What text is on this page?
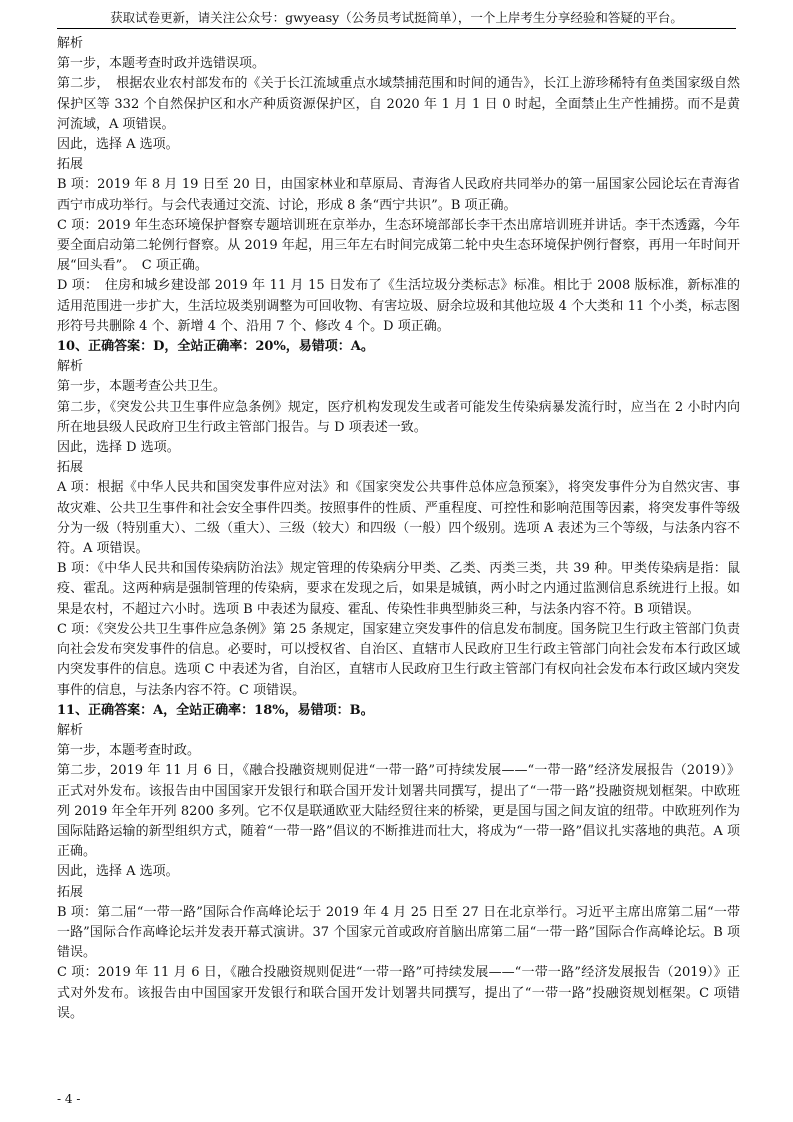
获取试卷更新，请关注公众号：gwyeasy（公务员考试挺简单），一个上岸考生分享经验和答疑的平台。

解析

第一步，本题考查时政并选错误项。

第二步，　根据农业农村部发布的《关于长江流域重点水域禁捕范围和时间的通告》，长江上游珍稀特有鱼类国家级自然保护区等 332 个自然保护区和水产种质资源保护区，自 2020 年 1 月 1 日 0 时起，全面禁止生产性捕捞。而不是黄河流域，A 项错误。

因此，选择 A 选项。

拓展

B 项：2019 年 8 月 19 日至 20 日，由国家林业和草原局、青海省人民政府共同举办的第一届国家公园论坛在青海省西宁市成功举行。与会代表通过交流、讨论，形成 8 条“西宁共识”。B 项正确。

C 项：2019 年生态环境保护督察专题培训班在京举办，生态环境部部长李干杰出席培训班并讲话。李干杰透露，今年要全面启动第二轮例行督察。从 2019 年起，用三年左右时间完成第二轮中央生态环境保护例行督察，再用一年时间开展“回头看”。　C 项正确。

D 项：　住房和城乡建设部 2019 年 11 月 15 日发布了《生活垃圾分类标志》标准。相比于 2008 版标准，新标准的适用范围进一步扩大，生活垃圾类别调整为可回收物、有害垃圾、厨余垃圾和其他垃圾 4 个大类和 11 个小类，标志图形符号共删除 4 个、新增 4 个、沿用 7 个、修改 4 个。D 项正确。

10、正确答案：D，全站正确率：20%，易错项：A。

解析

第一步，本题考查公共卫生。

第二步，《突发公共卫生事件应急条例》规定，医疗机构发现发生或者可能发生传染病暴发流行时，应当在 2 小时内向所在地县级人民政府卫生行政主管部门报告。与 D 项表述一致。

因此，选择 D 选项。

拓展

A 项：根据《中华人民共和国突发事件应对法》和《国家突发公共事件总体应急预案》，将突发事件分为自然灾害、事故灾难、公共卫生事件和社会安全事件四类。按照事件的性质、严重程度、可控性和影响范围等因素，将突发事件等级分为一级（特别重大）、二级（重大）、三级（较大）和四级（一般）四个级别。选项 A 表述为三个等级，与法条内容不符。A 项错误。

B 项：《中华人民共和国传染病防治法》规定管理的传染病分甲类、乙类、丙类三类，共 39 种。甲类传染病是指：鼠疫、霍乱。这两种病是强制管理的传染病，要求在发现之后，如果是城镇，两小时之内通过监测信息系统进行上报。如果是农村，不超过六小时。选项 B 中表述为鼠疫、霍乱、传染性非典型肺炎三种，与法条内容不符。B 项错误。

C 项：《突发公共卫生事件应急条例》第 25 条规定，国家建立突发事件的信息发布制度。国务院卫生行政主管部门负责向社会发布突发事件的信息。必要时，可以授权省、自治区、直辖市人民政府卫生行政主管部门向社会发布本行政区域内突发事件的信息。选项 C 中表述为省，自治区，直辖市人民政府卫生行政主管部门有权向社会发布本行政区域内突发事件的信息，与法条内容不符。C 项错误。

11、正确答案：A，全站正确率：18%，易错项：B。

解析

第一步，本题考查时政。

第二步，2019 年 11 月 6 日，《融合投融资规则促进“一带一路”可持续发展——“一带一路”经济发展报告（2019）》正式对外发布。该报告由中国国家开发银行和联合国开发计划署共同撰写，提出了“一带一路”投融资规划框架。中欧班列 2019 年全年开列 8200 多列。它不仅是联通欧亚大陆经贸往来的桥梁，更是国与国之间友谊的纽带。中欧班列作为国际陆路运输的新型组织方式，随着“一带一路”倡议的不断推进而壮大，将成为“一带一路”倡议扎实落地的典范。A 项正确。

因此，选择 A 选项。

拓展

B 项：第二届“一带一路”国际合作高峰论坛于 2019 年 4 月 25 日至 27 日在北京举行。习近平主席出席第二届“一带一路”国际合作高峰论坛并发表开幕式演讲。37 个国家元首或政府首脑出席第二届“一带一路”国际合作高峰论坛。B 项错误。

C 项：2019 年 11 月 6 日，《融合投融资规则促进“一带一路”可持续发展——“一带一路”经济发展报告（2019）》正式对外发布。该报告由中国国家开发银行和联合国开发计划署共同撰写，提出了“一带一路”投融资规划框架。C 项错误。

- 4 -
